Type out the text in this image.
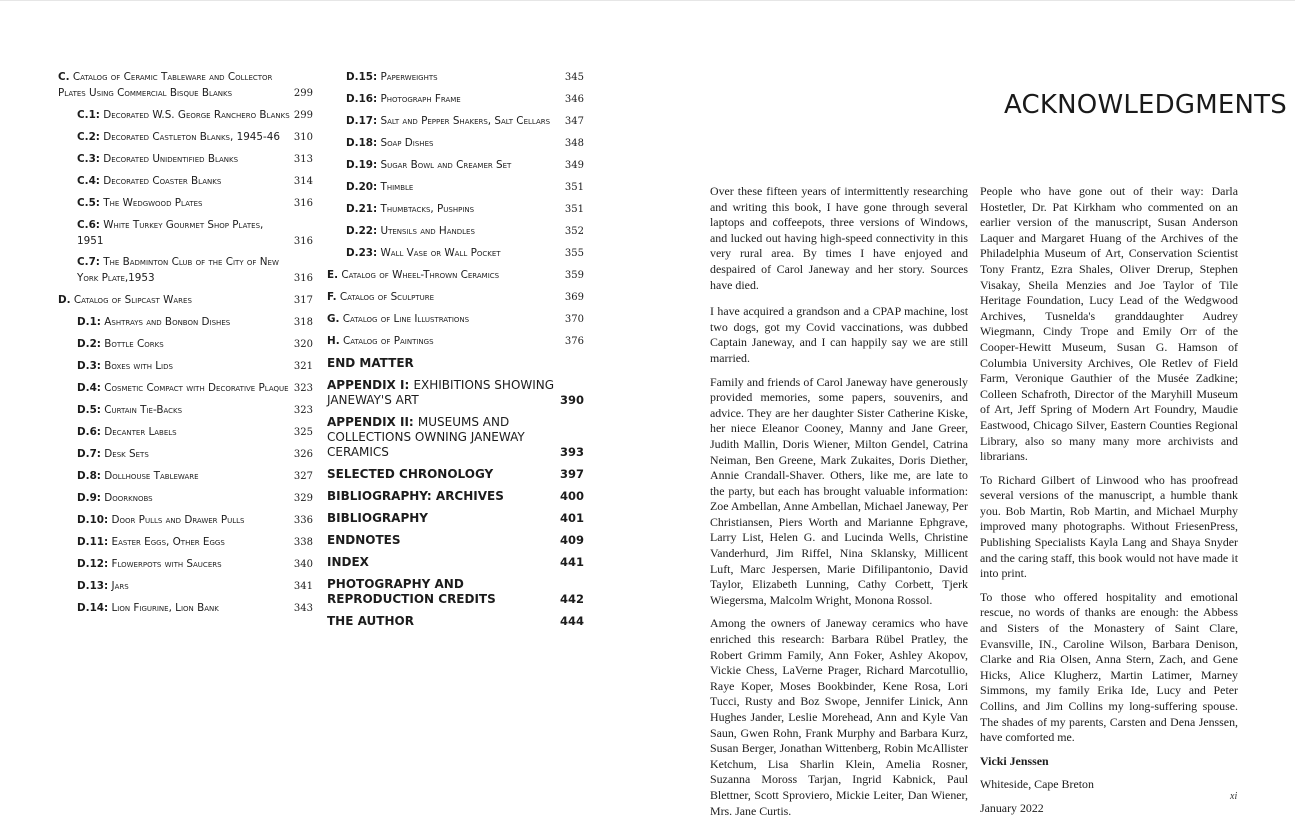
C. Catalog of Ceramic Tableware and Collector Plates Using Commercial Bisque Blanks	299
C.1: Decorated W.S. George Ranchero Blanks 299
C.2: Decorated Castleton Blanks, 1945-46	310
C.3: Decorated Unidentified Blanks	313
C.4: Decorated Coaster Blanks	314
C.5: The Wedgwood Plates	316
C.6: White Turkey Gourmet Shop Plates, 1951	316
C.7: The Badminton Club of the City of New York Plate,1953	316
D. Catalog of Slipcast Wares	317
D.1: Ashtrays and Bonbon Dishes	318
D.2: Bottle Corks	320
D.3: Boxes with Lids	321
D.4: Cosmetic Compact with Decorative Plaque 323
D.5: Curtain Tie-Backs	323
D.6: Decanter Labels	325
D.7: Desk Sets	326
D.8: Dollhouse Tableware	327
D.9: Doorknobs	329
D.10: Door Pulls and Drawer Pulls	336
D.11: Easter Eggs, Other Eggs	338
D.12: Flowerpots with Saucers	340
D.13: Jars	341
D.14: Lion Figurine, Lion Bank	343
D.15: Paperweights	345
D.16: Photograph Frame	346
D.17: Salt and Pepper Shakers, Salt Cellars	347
D.18: Soap Dishes	348
D.19: Sugar Bowl and Creamer Set	349
D.20: Thimble	351
D.21: Thumbtacks, Pushpins	351
D.22: Utensils and Handles	352
D.23: Wall Vase or Wall Pocket	355
E. Catalog of Wheel-Thrown Ceramics	359
F. Catalog of Sculpture	369
G. Catalog of Line Illustrations	370
H. Catalog of Paintings	376
END MATTER
APPENDIX I: EXHIBITIONS SHOWING JANEWAY'S ART	390
APPENDIX II: MUSEUMS AND COLLECTIONS OWNING JANEWAY CERAMICS	393
SELECTED CHRONOLOGY	397
BIBLIOGRAPHY: ARCHIVES	400
BIBLIOGRAPHY	401
ENDNOTES	409
INDEX	441
PHOTOGRAPHY AND REPRODUCTION CREDITS	442
THE AUTHOR	444
ACKNOWLEDGMENTS

Over these fifteen years of intermittently researching and writing this book, I have gone through several laptops and coffeepots, three versions of Windows, and lucked out having high-speed connectivity in this very rural area. By times I have enjoyed and despaired of Carol Janeway and her story. Sources have died.

I have acquired a grandson and a CPAP machine, lost two dogs, got my Covid vaccinations, was dubbed Captain Janeway, and I can happily say we are still married.

Family and friends of Carol Janeway have generously provided memories, some papers, souvenirs, and advice. They are her daughter Sister Catherine Kiske, her niece Eleanor Cooney, Manny and Jane Greer, Judith Mallin, Doris Wiener, Milton Gendel, Catrina Neiman, Ben Greene, Mark Zukaites, Doris Diether, Annie Crandall-Shaver. Others, like me, are late to the party, but each has brought valuable information: Zoe Ambellan, Anne Ambellan, Michael Janeway, Per Christiansen, Piers Worth and Marianne Ephgrave, Larry List, Helen G. and Lucinda Wells, Christine Vanderhurd, Jim Riffel, Nina Sklansky, Millicent Luft, Marc Jespersen, Marie Difilipantonio, David Taylor, Elizabeth Lunning, Cathy Corbett, Tjerk Wiegersma, Malcolm Wright, Monona Rossol.

Among the owners of Janeway ceramics who have enriched this research: Barbara Rübel Pratley, the Robert Grimm Family, Ann Foker, Ashley Akopov, Vickie Chess, LaVerne Prager, Richard Marcotullio, Raye Koper, Moses Bookbinder, Kene Rosa, Lori Tucci, Rusty and Boz Swope, Jennifer Linick, Ann Hughes Jander, Leslie Morehead, Ann and Kyle Van Saun, Gwen Rohn, Frank Murphy and Barbara Kurz, Susan Berger, Jonathan Wittenberg, Robin McAllister Ketchum, Lisa Sharlin Klein, Amelia Rosner, Suzanna Moross Tarjan, Ingrid Kabnick, Paul Blettner, Scott Sproviero, Mickie Leiter, Dan Wiener, Mrs. Jane Curtis.

People who have gone out of their way: Darla Hostetler, Dr. Pat Kirkham who commented on an earlier version of the manuscript, Susan Anderson Laquer and Margaret Huang of the Archives of the Philadelphia Museum of Art, Conservation Scientist Tony Frantz, Ezra Shales, Oliver Drerup, Stephen Visakay, Sheila Menzies and Joe Taylor of Tile Heritage Foundation, Lucy Lead of the Wedgwood Archives, Tusnelda's granddaughter Audrey Wiegmann, Cindy Trope and Emily Orr of the Cooper-Hewitt Museum, Susan G. Hamson of Columbia University Archives, Ole Retlev of Field Farm, Veronique Gauthier of the Musée Zadkine; Colleen Schafroth, Director of the Maryhill Museum of Art, Jeff Spring of Modern Art Foundry, Maudie Eastwood, Chicago Silver, Eastern Counties Regional Library, also so many many more archivists and librarians.

To Richard Gilbert of Linwood who has proofread several versions of the manuscript, a humble thank you. Bob Martin, Rob Martin, and Michael Murphy improved many photographs. Without FriesenPress, Publishing Specialists Kayla Lang and Shaya Snyder and the caring staff, this book would not have made it into print.

To those who offered hospitality and emotional rescue, no words of thanks are enough: the Abbess and Sisters of the Monastery of Saint Clare, Evansville, IN., Caroline Wilson, Barbara Denison, Clarke and Ria Olsen, Anna Stern, Zach, and Gene Hicks, Alice Klugherz, Martin Latimer, Marney Simmons, my family Erika Ide, Lucy and Peter Collins, and Jim Collins my long-suffering spouse. The shades of my parents, Carsten and Dena Jenssen, have comforted me.

Vicki Jenssen

Whiteside, Cape Breton

January 2022

xi
